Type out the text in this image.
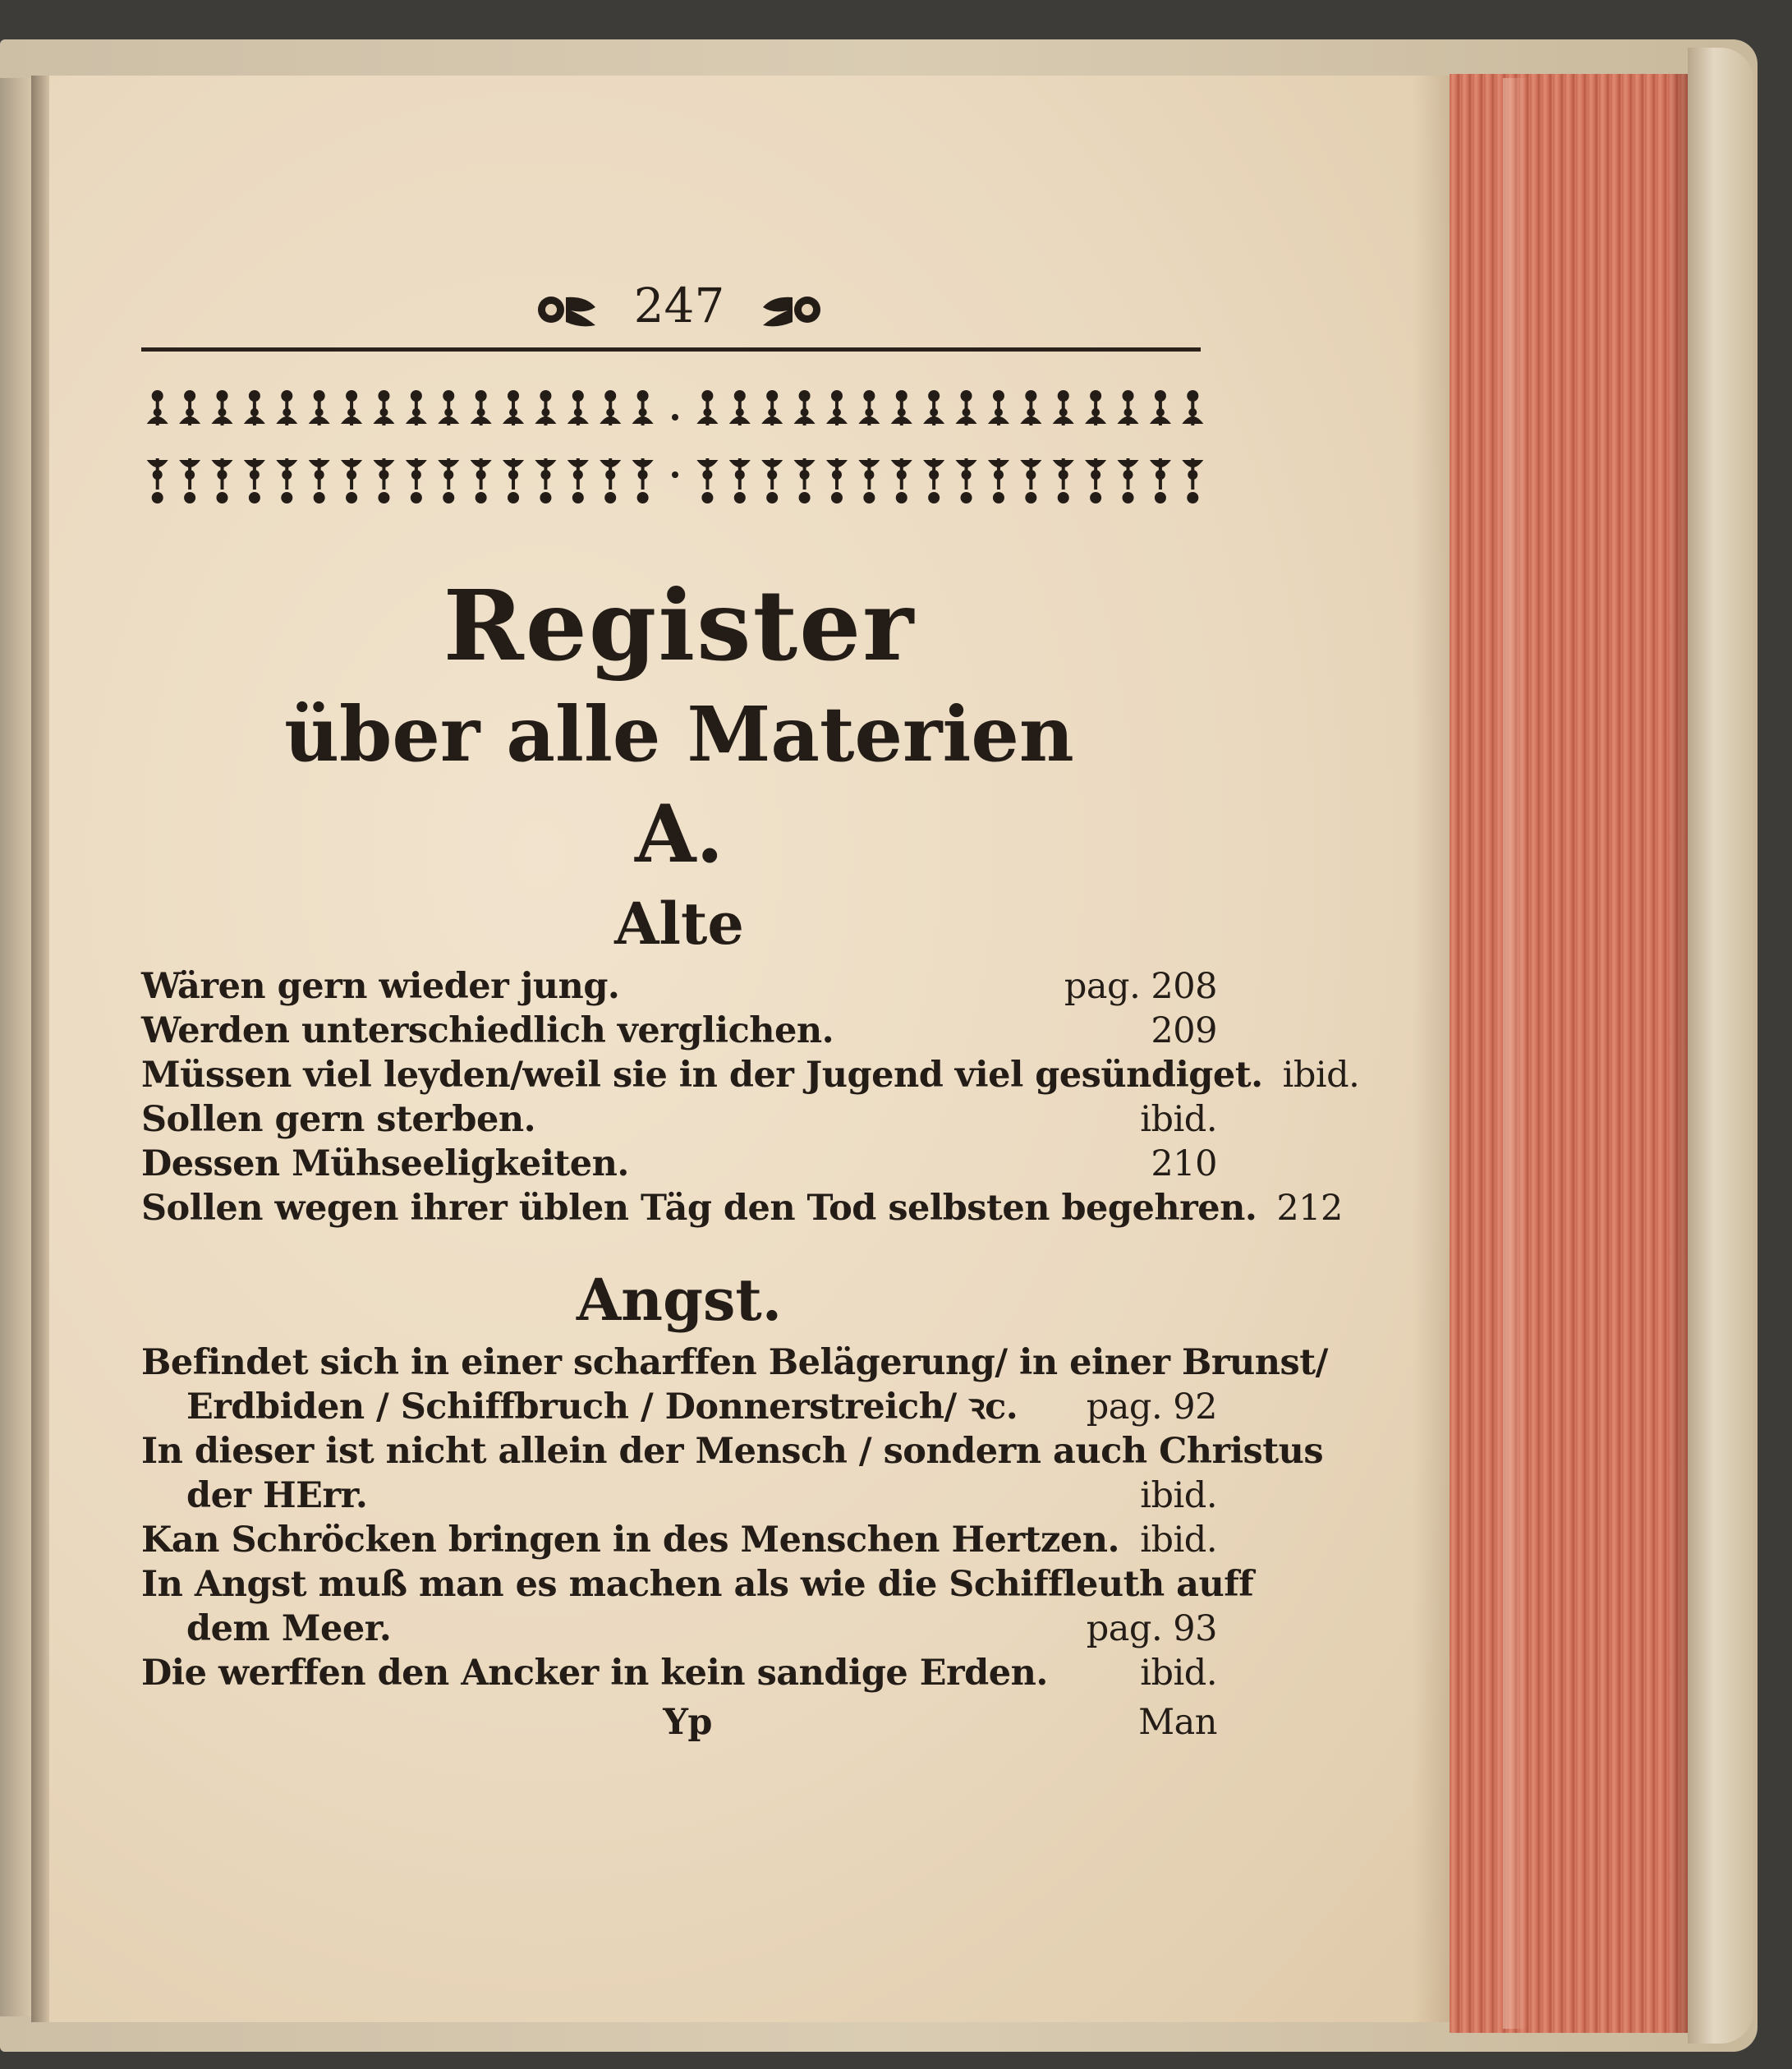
247
Register
über alle Materien
A.
Alte
Wären gern wieder jung.	pag. 208
Werden unterschiedlich verglichen.	209
Müssen viel leyden/weil sie in der Jugend viel gesündiget. ibid.
Sollen gern sterben.	ibid.
Dessen Mühseeligkeiten.	210
Sollen wegen ihrer üblen Täg den Tod selbsten begehren. 212
Angst.
Befindet sich in einer scharffen Belägerung/ in einer Brunst/
Erdbiden / Schiffbruch / Donnerstreich/ ꝛc.	pag. 92
In dieser ist nicht allein der Mensch / sondern auch Christus
der HErr.	ibid.
Kan Schröcken bringen in des Menschen Hertzen. ibid.
In Angst muß man es machen als wie die Schiffleuth auff
dem Meer.	pag. 93
Die werffen den Ancker in kein sandige Erden.	ibid.
Yp	Man
